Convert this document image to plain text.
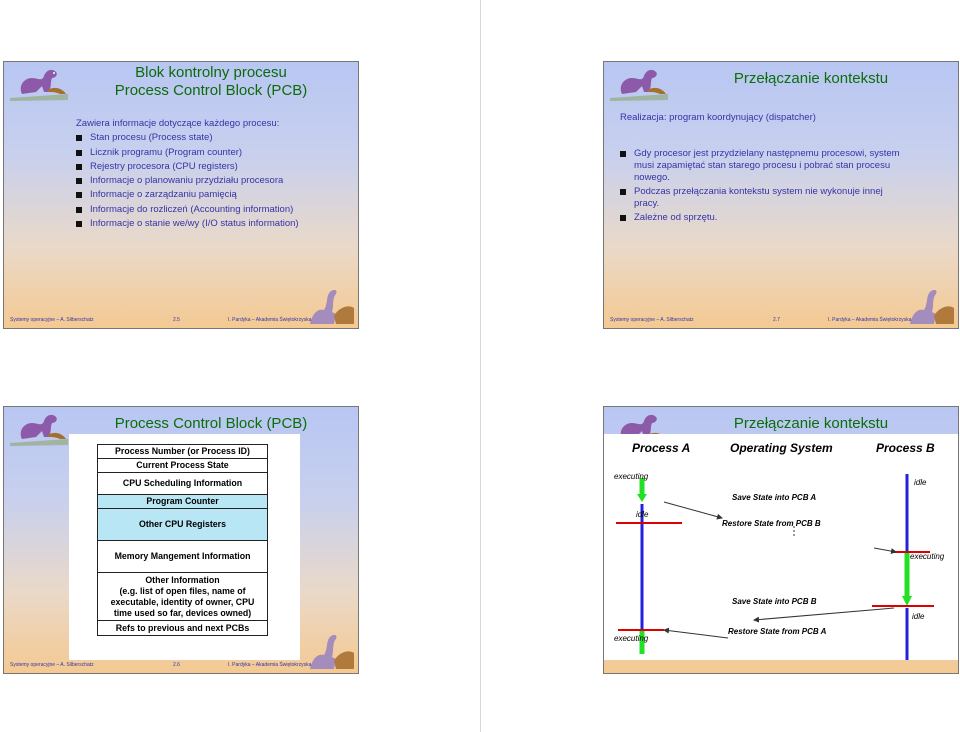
Blok kontrolny procesu
Process Control Block (PCB)
Zawiera informacje dotyczące każdego procesu:
Stan procesu (Process state)
Licznik programu (Program counter)
Rejestry procesora (CPU registers)
Informacje o planowaniu przydziału procesora
Informacje o zarządzaniu pamięcią
Informacje do rozliczeń (Accounting information)
Informacje o stanie we/wy (I/O status information)
Systemy operacyjne – A. Silberschatz	2.5	I. Pardyka – Akademia Świętokrzyska
Przełączanie kontekstu
Realizacja: program koordynujący (dispatcher)
Gdy procesor jest przydzielany następnemu procesowi, system musi zapamiętać stan starego procesu i pobrać stan procesu nowego.
Podczas przełączania kontekstu system nie wykonuje innej pracy.
Zależne od sprzętu.
Systemy operacyjne – A. Silberschatz	2.7	I. Pardyka – Akademia Świętokrzyska
Process Control Block (PCB)
Process Number (or Process ID)
Current Process State
CPU Scheduling Information
Program Counter
Other CPU Registers
Memory Mangement Information
Other Information
(e.g. list of open files, name of
executable, identity of owner, CPU
time used so far, devices owned)
Refs to previous and next PCBs
Systemy operacyjne – A. Silberschatz	2.6	I. Pardyka – Akademia Świętokrzyska
Przełączanie kontekstu
Process A	Operating System	Process B
executing
idle
idle
executing
idle
executing
Save State into PCB A
Restore State from PCB B
Save State into PCB B
Restore State from PCB A
